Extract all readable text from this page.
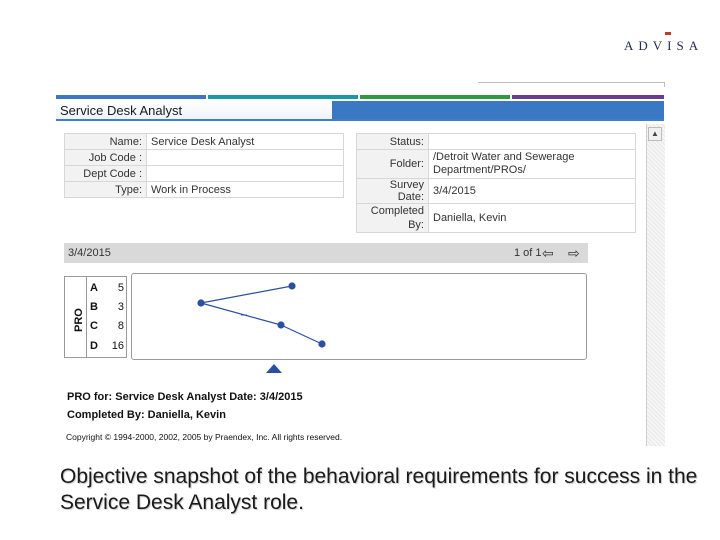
ADVISA
Service Desk Analyst
▲
Name:	Service Desk Analyst
Job Code :	
Dept Code :	
Type:	Work in Process
Status:	
Folder:	/Detroit Water and Sewerage Department/PROs/
Survey Date:	3/4/2015
Completed By:	Daniella, Kevin
3/4/2015	1 of 1 ⇦ ⇨
PRO
A 5
B 3
C 8
D 16
PRO for: Service Desk Analyst Date: 3/4/2015
Completed By: Daniella, Kevin
Copyright © 1994-2000, 2002, 2005 by Praendex, Inc. All rights reserved.
Objective snapshot of the behavioral requirements for success in the Service Desk Analyst role.
